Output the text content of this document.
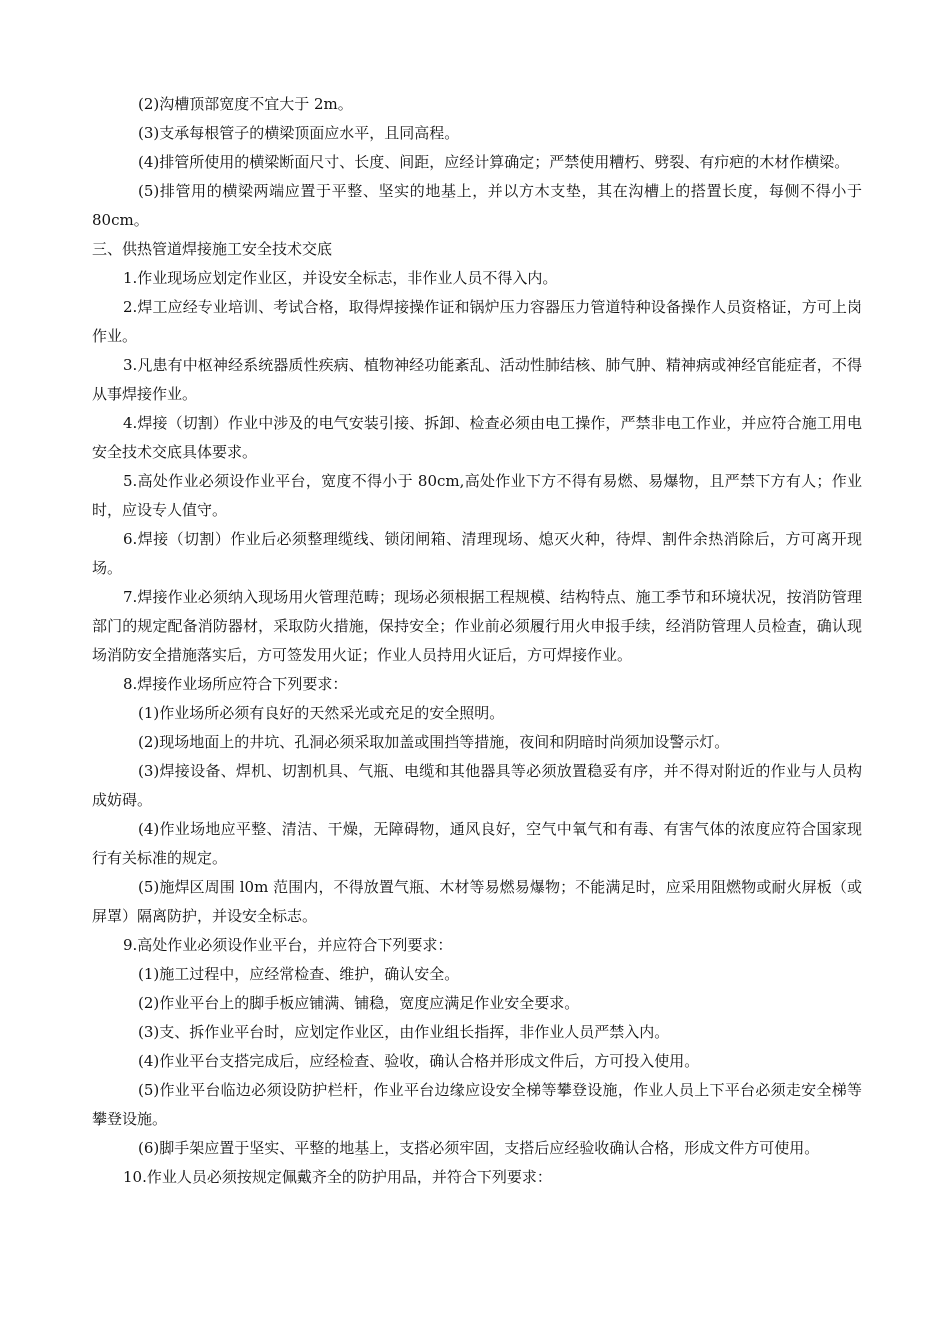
(2)沟槽顶部宽度不宜大于 2m。

(3)支承每根管子的横梁顶面应水平，且同高程。

(4)排管所使用的横梁断面尺寸、长度、间距，应经计算确定；严禁使用糟朽、劈裂、有疖疤的木材作横梁。

(5)排管用的横梁两端应置于平整、坚实的地基上，并以方木支垫，其在沟槽上的搭置长度，每侧不得小于 80cm。

三、供热管道焊接施工安全技术交底

1.作业现场应划定作业区，并设安全标志，非作业人员不得入内。

2.焊工应经专业培训、考试合格，取得焊接操作证和锅炉压力容器压力管道特种设备操作人员资格证，方可上岗作业。

3.凡患有中枢神经系统器质性疾病、植物神经功能紊乱、活动性肺结核、肺气肿、精神病或神经官能症者，不得从事焊接作业。

4.焊接（切割）作业中涉及的电气安装引接、拆卸、检查必须由电工操作，严禁非电工作业，并应符合施工用电安全技术交底具体要求。

5.高处作业必须设作业平台，宽度不得小于 80cm,高处作业下方不得有易燃、易爆物，且严禁下方有人；作业时，应设专人值守。

6.焊接（切割）作业后必须整理缆线、锁闭闸箱、清理现场、熄灭火种，待焊、割件余热消除后，方可离开现场。

7.焊接作业必须纳入现场用火管理范畴；现场必须根据工程规模、结构特点、施工季节和环境状况，按消防管理部门的规定配备消防器材，采取防火措施，保持安全；作业前必须履行用火申报手续，经消防管理人员检查，确认现场消防安全措施落实后，方可签发用火证；作业人员持用火证后，方可焊接作业。

8.焊接作业场所应符合下列要求：

(1)作业场所必须有良好的天然采光或充足的安全照明。

(2)现场地面上的井坑、孔洞必须采取加盖或围挡等措施，夜间和阴暗时尚须加设警示灯。

(3)焊接设备、焊机、切割机具、气瓶、电缆和其他器具等必须放置稳妥有序，并不得对附近的作业与人员构成妨碍。

(4)作业场地应平整、清洁、干燥，无障碍物，通风良好，空气中氧气和有毒、有害气体的浓度应符合国家现行有关标准的规定。

(5)施焊区周围 l0m 范围内，不得放置气瓶、木材等易燃易爆物；不能满足时，应采用阻燃物或耐火屏板（或屏罩）隔离防护，并设安全标志。

9.高处作业必须设作业平台，并应符合下列要求：

(1)施工过程中，应经常检查、维护，确认安全。

(2)作业平台上的脚手板应铺满、铺稳，宽度应满足作业安全要求。

(3)支、拆作业平台时，应划定作业区，由作业组长指挥，非作业人员严禁入内。

(4)作业平台支搭完成后，应经检查、验收，确认合格并形成文件后，方可投入使用。

(5)作业平台临边必须设防护栏杆，作业平台边缘应设安全梯等攀登设施，作业人员上下平台必须走安全梯等攀登设施。

(6)脚手架应置于坚实、平整的地基上，支搭必须牢固，支搭后应经验收确认合格，形成文件方可使用。

10.作业人员必须按规定佩戴齐全的防护用品，并符合下列要求：
